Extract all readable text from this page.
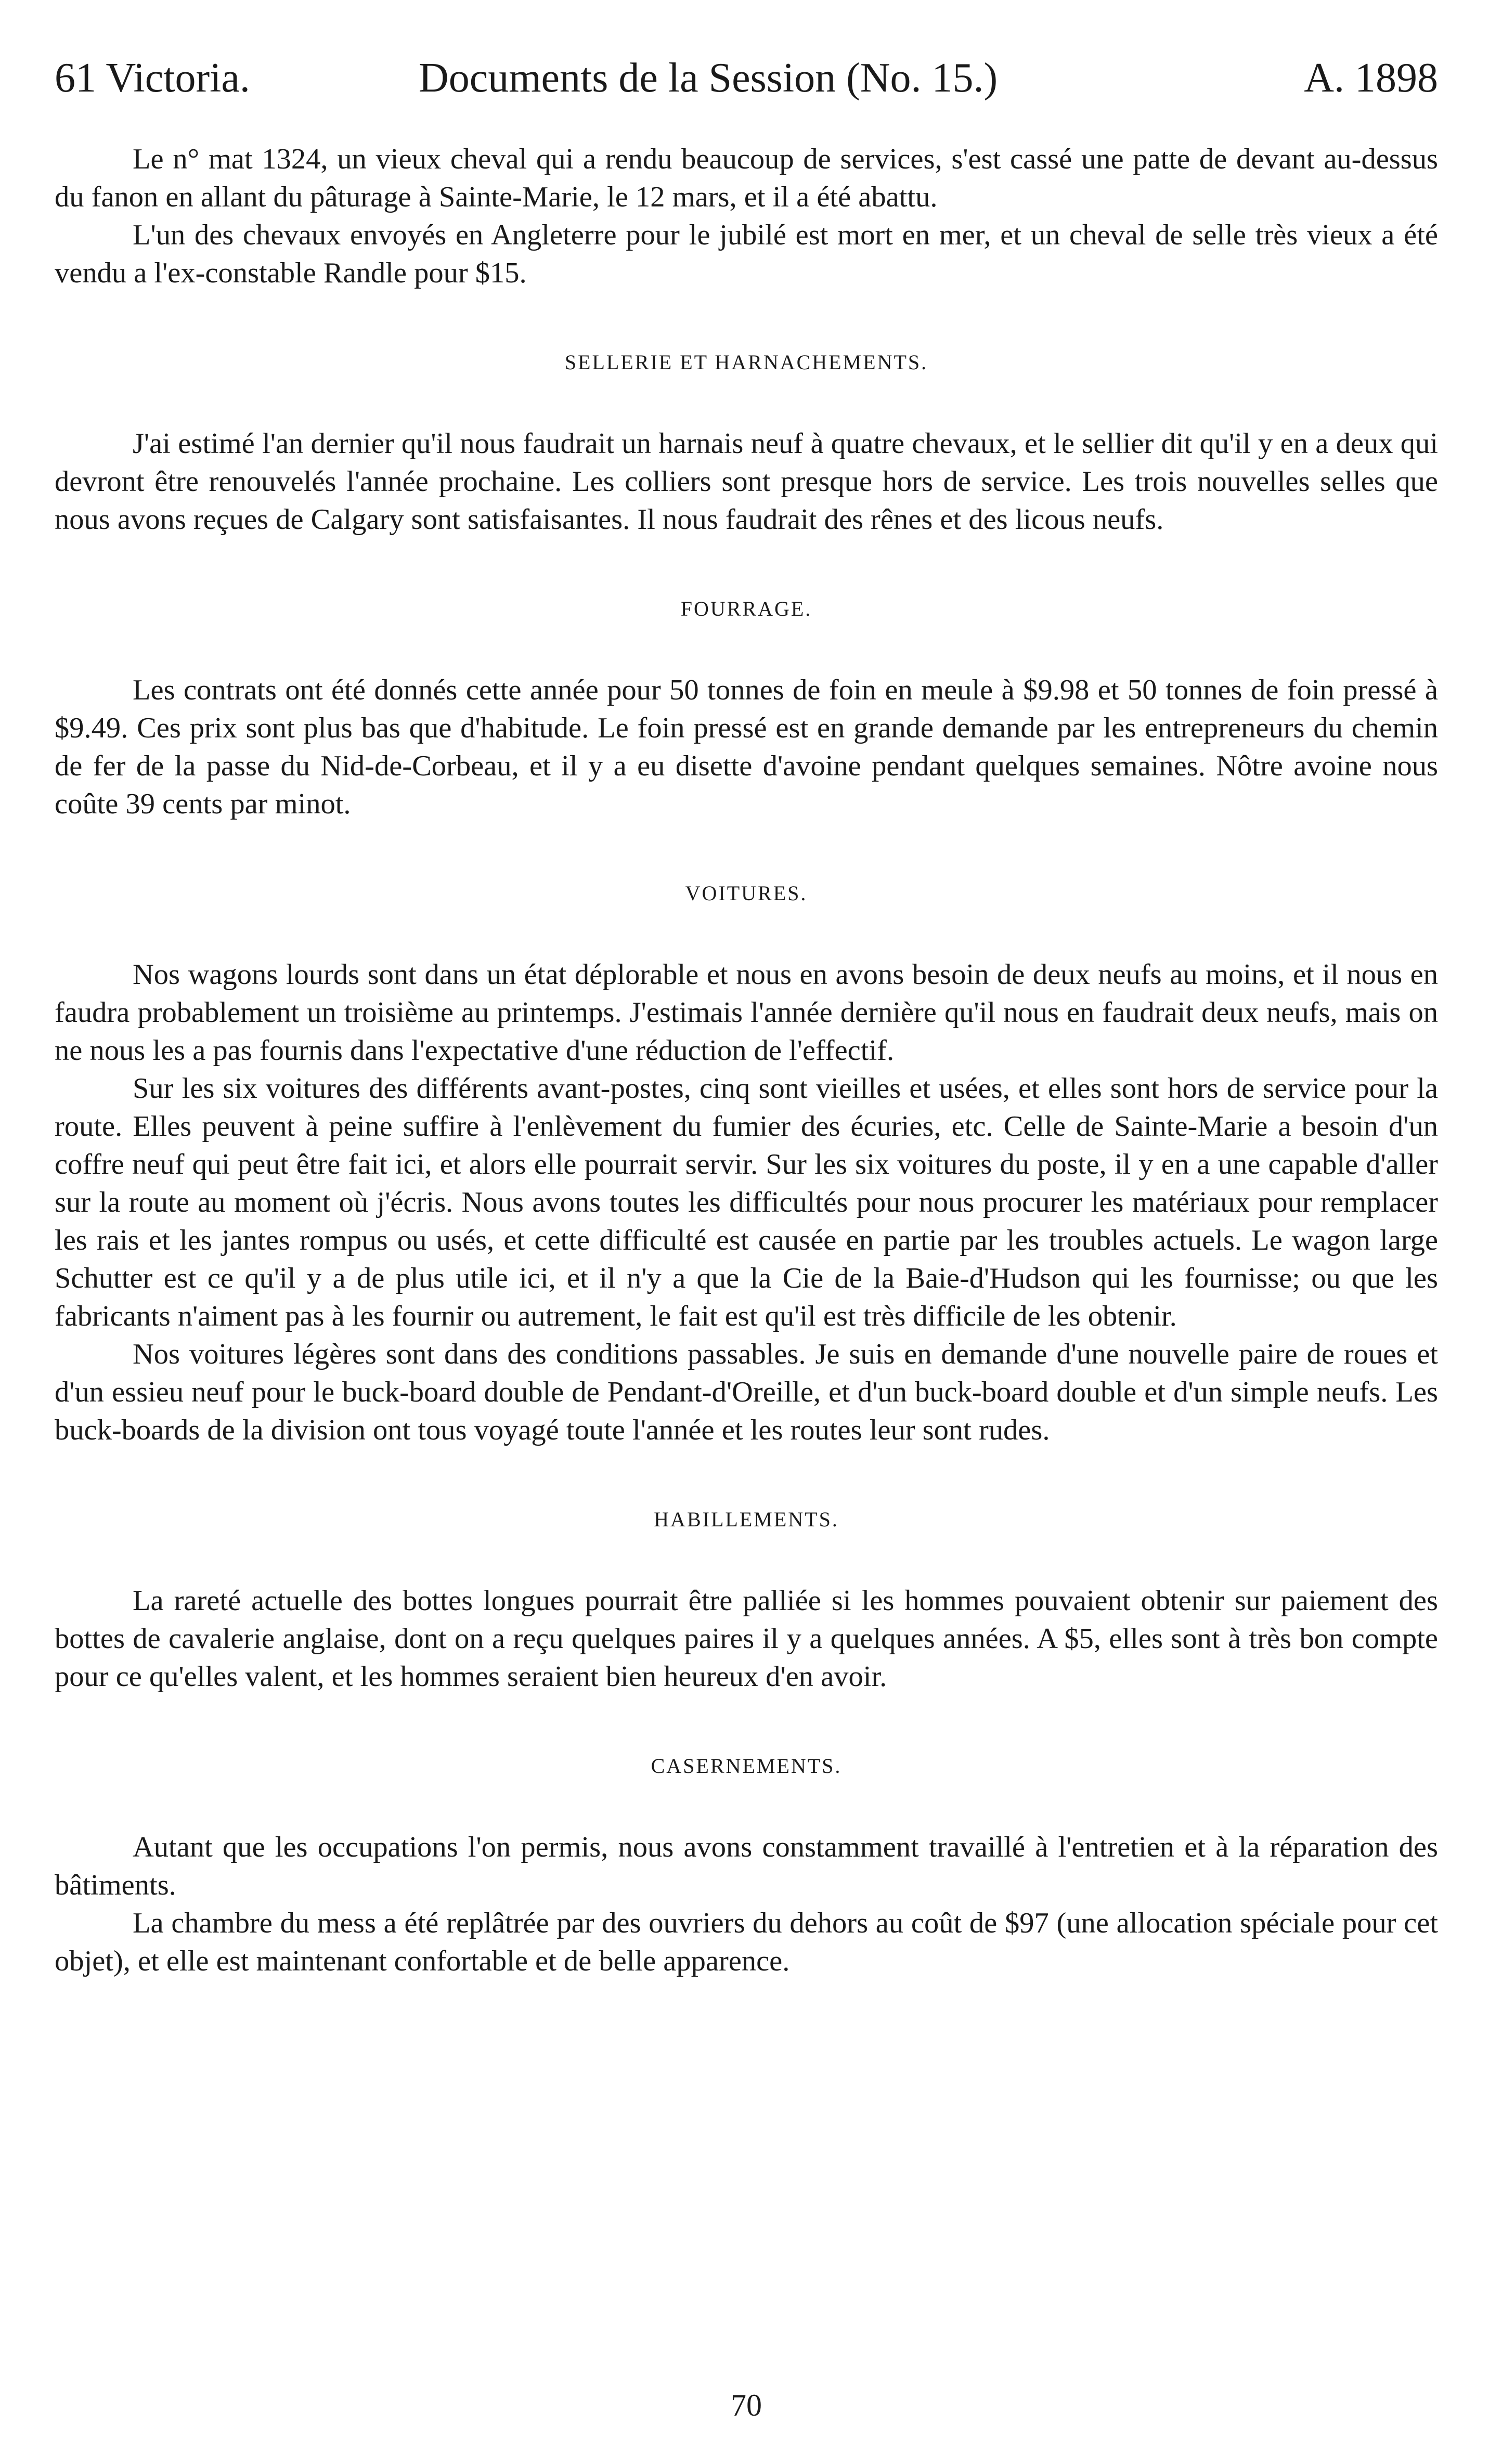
61 Victoria.	Documents de la Session (No. 15.)	A. 1898

Le n° mat 1324, un vieux cheval qui a rendu beaucoup de services, s'est cassé une patte de devant au-dessus du fanon en allant du pâturage à Sainte-Marie, le 12 mars, et il a été abattu.

L'un des chevaux envoyés en Angleterre pour le jubilé est mort en mer, et un cheval de selle très vieux a été vendu a l'ex-constable Randle pour $15.

SELLERIE ET HARNACHEMENTS.

J'ai estimé l'an dernier qu'il nous faudrait un harnais neuf à quatre chevaux, et le sellier dit qu'il y en a deux qui devront être renouvelés l'année prochaine. Les colliers sont presque hors de service. Les trois nouvelles selles que nous avons reçues de Calgary sont satisfaisantes. Il nous faudrait des rênes et des licous neufs.

FOURRAGE.

Les contrats ont été donnés cette année pour 50 tonnes de foin en meule à $9.98 et 50 tonnes de foin pressé à $9.49. Ces prix sont plus bas que d'habitude. Le foin pressé est en grande demande par les entrepreneurs du chemin de fer de la passe du Nid-de-Corbeau, et il y a eu disette d'avoine pendant quelques semaines. Nôtre avoine nous coûte 39 cents par minot.

VOITURES.

Nos wagons lourds sont dans un état déplorable et nous en avons besoin de deux neufs au moins, et il nous en faudra probablement un troisième au printemps. J'estimais l'année dernière qu'il nous en faudrait deux neufs, mais on ne nous les a pas fournis dans l'expectative d'une réduction de l'effectif.

Sur les six voitures des différents avant-postes, cinq sont vieilles et usées, et elles sont hors de service pour la route. Elles peuvent à peine suffire à l'enlèvement du fumier des écuries, etc. Celle de Sainte-Marie a besoin d'un coffre neuf qui peut être fait ici, et alors elle pourrait servir. Sur les six voitures du poste, il y en a une capable d'aller sur la route au moment où j'écris. Nous avons toutes les difficultés pour nous procurer les matériaux pour remplacer les rais et les jantes rompus ou usés, et cette difficulté est causée en partie par les troubles actuels. Le wagon large Schutter est ce qu'il y a de plus utile ici, et il n'y a que la Cie de la Baie-d'Hudson qui les fournisse; ou que les fabricants n'aiment pas à les fournir ou autrement, le fait est qu'il est très difficile de les obtenir.

Nos voitures légères sont dans des conditions passables. Je suis en demande d'une nouvelle paire de roues et d'un essieu neuf pour le buck-board double de Pendant-d'Oreille, et d'un buck-board double et d'un simple neufs. Les buck-boards de la division ont tous voyagé toute l'année et les routes leur sont rudes.

HABILLEMENTS.

La rareté actuelle des bottes longues pourrait être palliée si les hommes pouvaient obtenir sur paiement des bottes de cavalerie anglaise, dont on a reçu quelques paires il y a quelques années. A $5, elles sont à très bon compte pour ce qu'elles valent, et les hommes seraient bien heureux d'en avoir.

CASERNEMENTS.

Autant que les occupations l'on permis, nous avons constamment travaillé à l'entretien et à la réparation des bâtiments.

La chambre du mess a été replâtrée par des ouvriers du dehors au coût de $97 (une allocation spéciale pour cet objet), et elle est maintenant confortable et de belle apparence.

70
